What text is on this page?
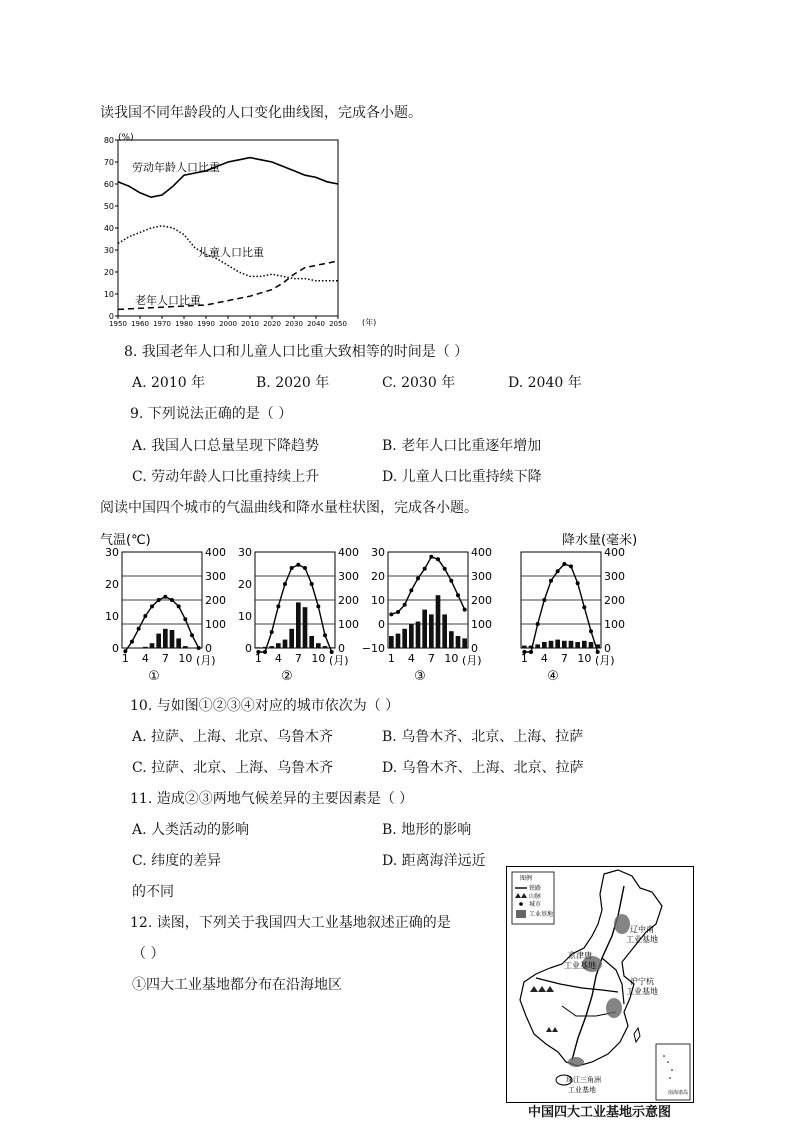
读我国不同年龄段的人口变化曲线图，完成各小题。
(%)
(年)
80
70
60
50
40
30
20
10
0
1950 1960 1970 1980 1990 2000 2010 2020 2030 2040 2050
劳动年龄人口比重
儿童人口比重
老年人口比重
8. 我国老年人口和儿童人口比重大致相等的时间是（ ）
A. 2010 年	B. 2020 年	C. 2030 年	D. 2040 年
9. 下列说法正确的是（ ）
A. 我国人口总量呈现下降趋势	B. 老年人口比重逐年增加
C. 劳动年龄人口比重持续上升	D. 儿童人口比重持续下降
阅读中国四个城市的气温曲线和降水量柱状图，完成各小题。
气温(℃)	降水量(毫米)
30
20
10
0
400
300
200
100
0
1 4 7 10 (月)
①
30
20
10
0
400
300
200
100
0
1 4 7 10 (月)
②
30
20
10
0
−10
400
300
200
100
0
1 4 7 10 (月)
③
400
300
200
100
0
1 4 7 10 (月)
④
10. 与如图①②③④对应的城市依次为（ ）
A. 拉萨、上海、北京、乌鲁木齐	B. 乌鲁木齐、北京、上海、拉萨
C. 拉萨、北京、上海、乌鲁木齐	D. 乌鲁木齐、上海、北京、拉萨
11. 造成②③两地气候差异的主要因素是（ ）
A. 人类活动的影响	B. 地形的影响
C. 纬度的差异	D. 距离海洋远近
的不同
12. 读图，下列关于我国四大工业基地叙述正确的是
（ ）
①四大工业基地都分布在沿海地区
图例
铁路
山脉
城市
工业基地
辽中南
工业基地
京津唐
工业基地
沪宁杭
工业基地
珠江三角洲
工业基地	南海诸岛
中国四大工业基地示意图
